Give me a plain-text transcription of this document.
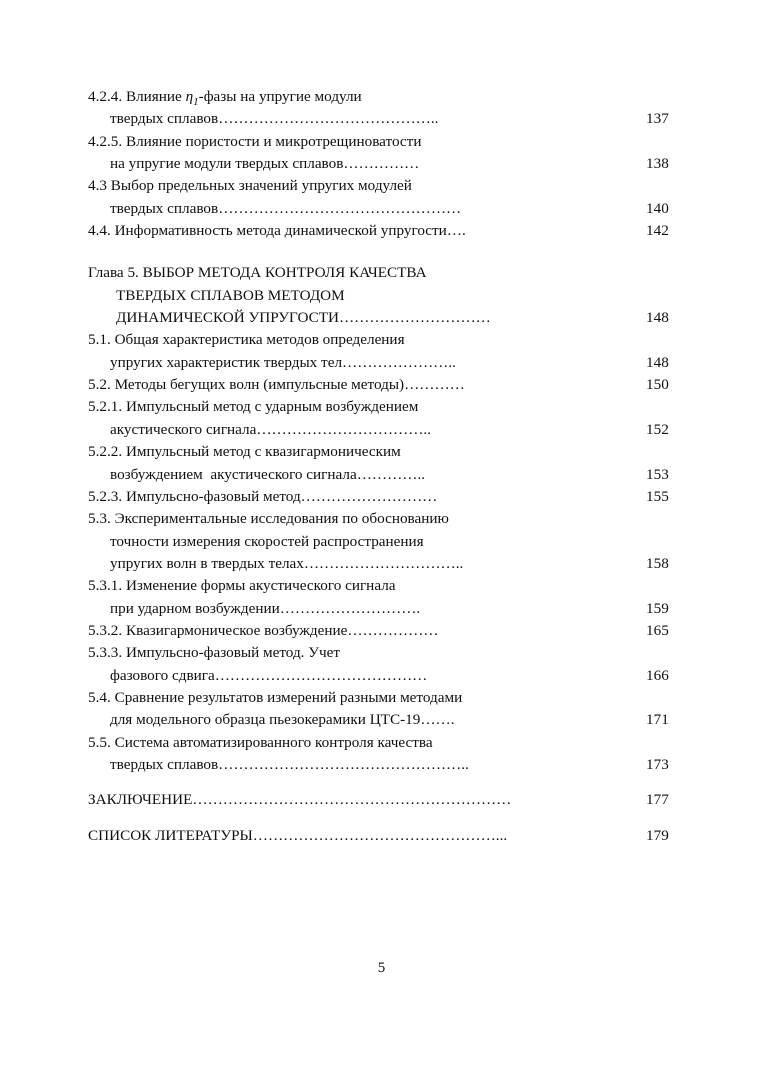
4.2.4. Влияние $\eta_1$-фазы на упругие модули
твердых сплавов……………………………………..	137
4.2.5. Влияние пористости и микротрещиноватости
на упругие модули твердых сплавов……………	138
4.3 Выбор предельных значений упругих модулей
твердых сплавов…………………………………………	140
4.4. Информативность метода динамической упругости….	142
Глава 5. ВЫБОР МЕТОДА КОНТРОЛЯ КАЧЕСТВА
ТВЕРДЫХ СПЛАВОВ МЕТОДОМ
ДИНАМИЧЕСКОЙ УПРУГОСТИ…………………………	148
5.1. Общая характеристика методов определения
упругих характеристик твердых тел…………………..	148
5.2. Методы бегущих волн (импульсные методы)…………	150
5.2.1. Импульсный метод с ударным возбуждением
акустического сигнала……………………………..	152
5.2.2. Импульсный метод с квазигармоническим
возбуждением  акустического сигнала…………..	153
5.2.3. Импульсно-фазовый метод………………………	155
5.3. Экспериментальные исследования по обоснованию
точности измерения скоростей распространения
упругих волн в твердых телах…………………………..	158
5.3.1. Изменение формы акустического сигнала
при ударном возбуждении……………………….	159
5.3.2. Квазигармоническое возбуждение………………	165
5.3.3. Импульсно-фазовый метод. Учет
фазового сдвига……………………………………	166
5.4. Сравнение результатов измерений разными методами
для модельного образца пьезокерамики ЦТС-19…….	171
5.5. Система автоматизированного контроля качества
твердых сплавов…………………………………………..	173
ЗАКЛЮЧЕНИЕ………………………………………………………	177
СПИСОК ЛИТЕРАТУРЫ…………………………………………...	179
5
